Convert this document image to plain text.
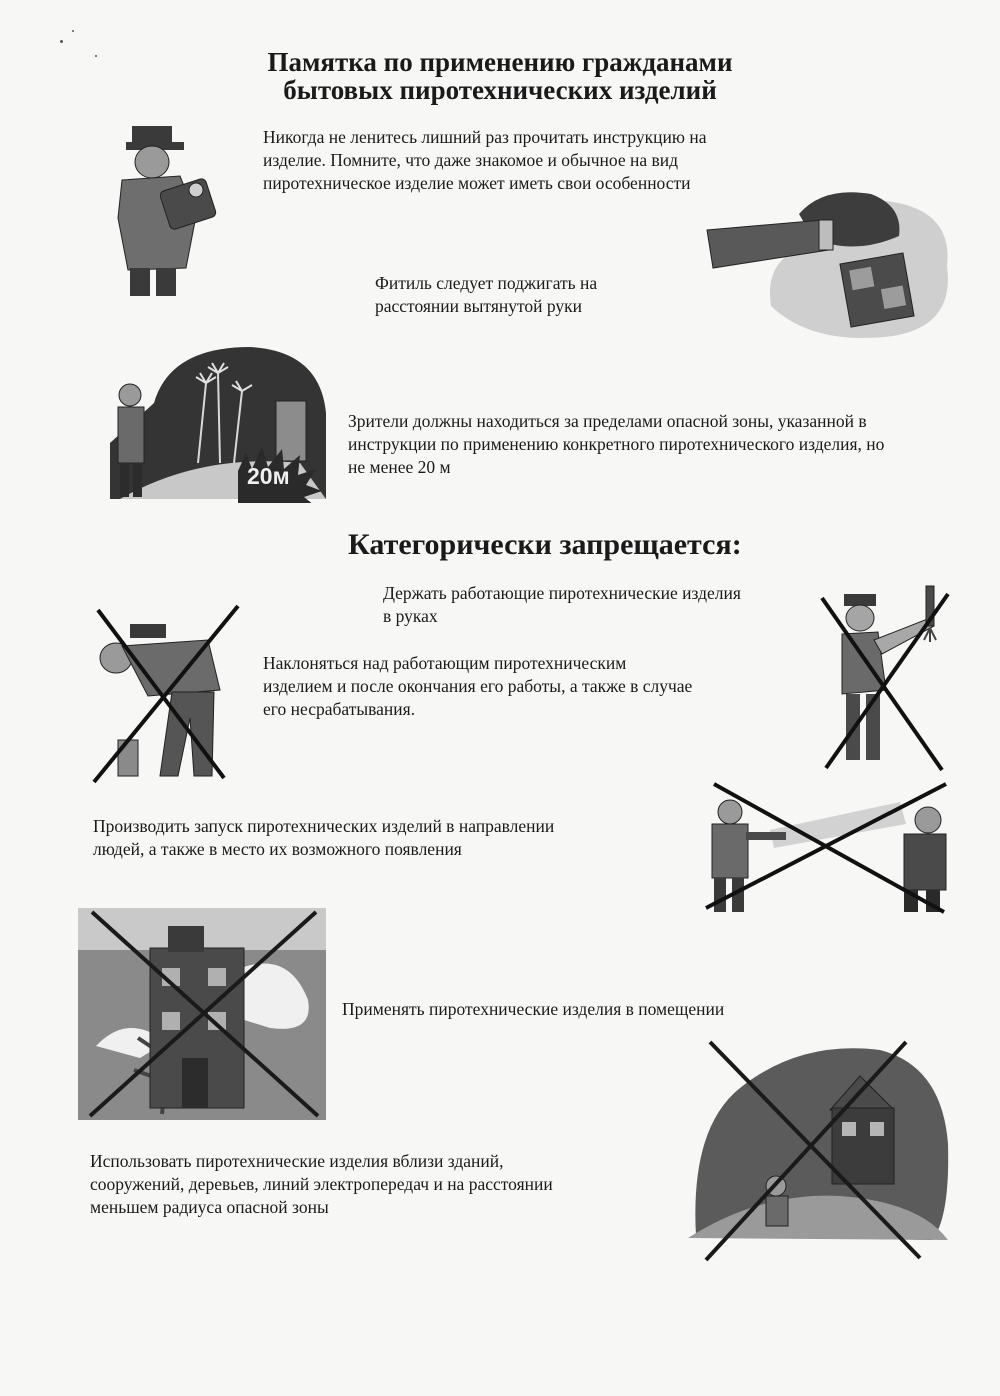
Памятка по применению гражданами
бытовых пиротехнических изделий
Никогда не ленитесь лишний раз прочитать инструкцию на
изделие. Помните, что даже знакомое и обычное на вид
пиротехническое изделие может иметь свои особенности
Фитиль следует поджигать на
расстоянии вытянутой руки
20м
Зрители должны находиться за пределами опасной зоны, указанной в
инструкции по применению конкретного пиротехнического изделия, но
не менее 20 м
Категорически запрещается:
Держать работающие пиротехнические изделия
в руках
Наклоняться над работающим пиротехническим
изделием и после окончания его работы, а также в случае
его несрабатывания.
Производить запуск пиротехнических изделий в направлении
людей, а также в место их возможного появления
Применять пиротехнические изделия в помещении
Использовать пиротехнические изделия вблизи зданий,
сооружений, деревьев, линий электропередач и на расстоянии
меньшем радиуса опасной зоны
